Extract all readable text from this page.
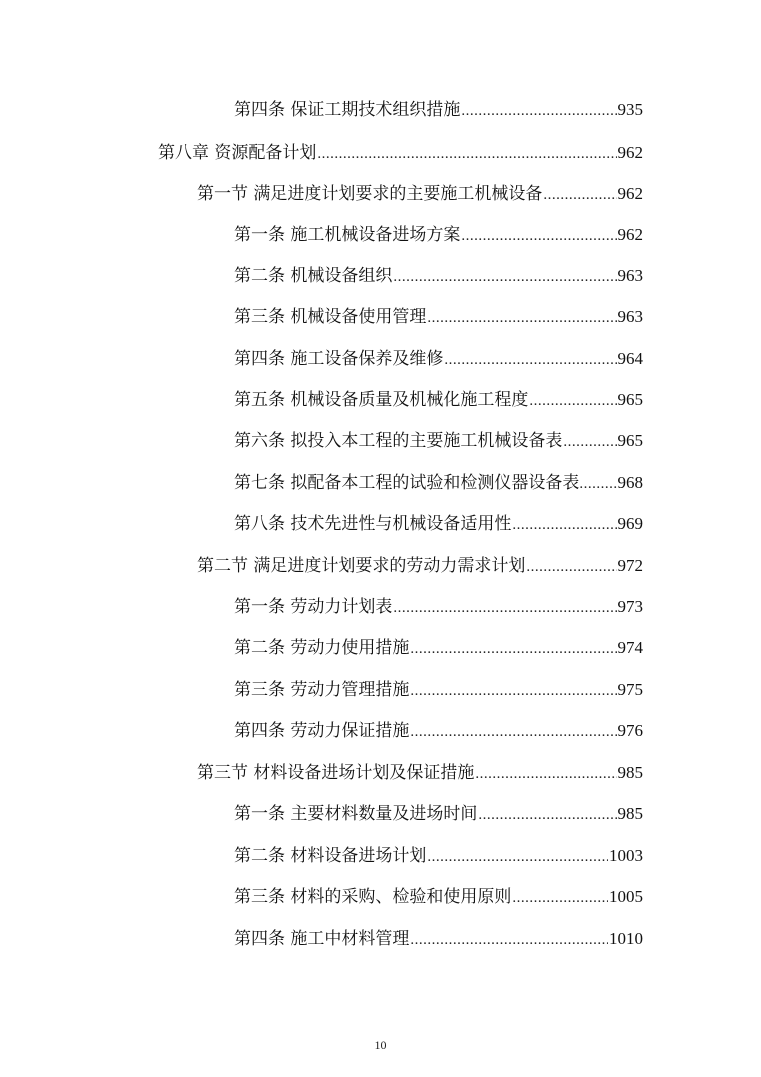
第四条 保证工期技术组织措施 .....	935
第八章 资源配备计划 .....	962
第一节 满足进度计划要求的主要施工机械设备 .....	962
第一条 施工机械设备进场方案 .....	962
第二条 机械设备组织 .....	963
第三条 机械设备使用管理 .....	963
第四条 施工设备保养及维修 .....	964
第五条 机械设备质量及机械化施工程度 .....	965
第六条 拟投入本工程的主要施工机械设备表 .....	965
第七条 拟配备本工程的试验和检测仪器设备表 ..... 968
第八条 技术先进性与机械设备适用性 .....	969
第二节 满足进度计划要求的劳动力需求计划 .....	972
第一条 劳动力计划表 .....	973
第二条 劳动力使用措施 .....	974
第三条 劳动力管理措施 .....	975
第四条 劳动力保证措施 .....	976
第三节 材料设备进场计划及保证措施 .....	985
第一条 主要材料数量及进场时间 .....	985
第二条 材料设备进场计划 .....	1003
第三条 材料的采购、检验和使用原则 .....	1005
第四条 施工中材料管理 .....	1010
10
